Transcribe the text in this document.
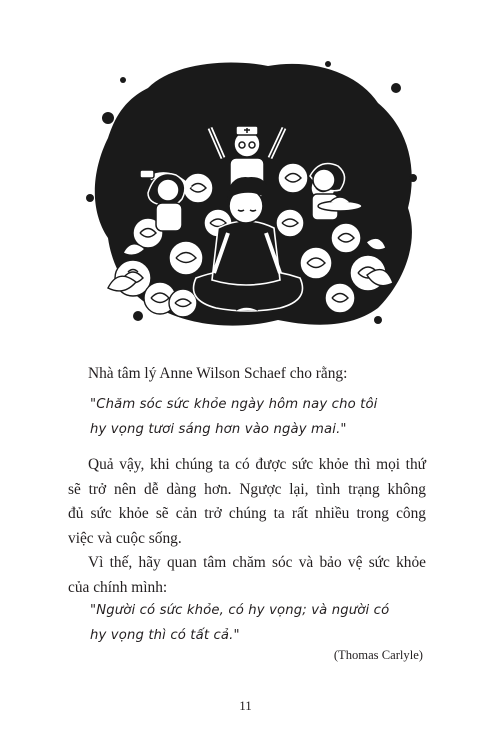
Nhà tâm lý Anne Wilson Schaef cho rằng:

"Chăm sóc sức khỏe ngày hôm nay cho tôi
hy vọng tươi sáng hơn vào ngày mai."

Quả vậy, khi chúng ta có được sức khỏe thì mọi thứ
sẽ trở nên dễ dàng hơn. Ngược lại, tình trạng không
đủ sức khỏe sẽ cản trở chúng ta rất nhiều trong công
việc và cuộc sống.

Vì thế, hãy quan tâm chăm sóc và bảo vệ sức khỏe
của chính mình:

"Người có sức khỏe, có hy vọng; và người có
hy vọng thì có tất cả."

(Thomas Carlyle)

11
